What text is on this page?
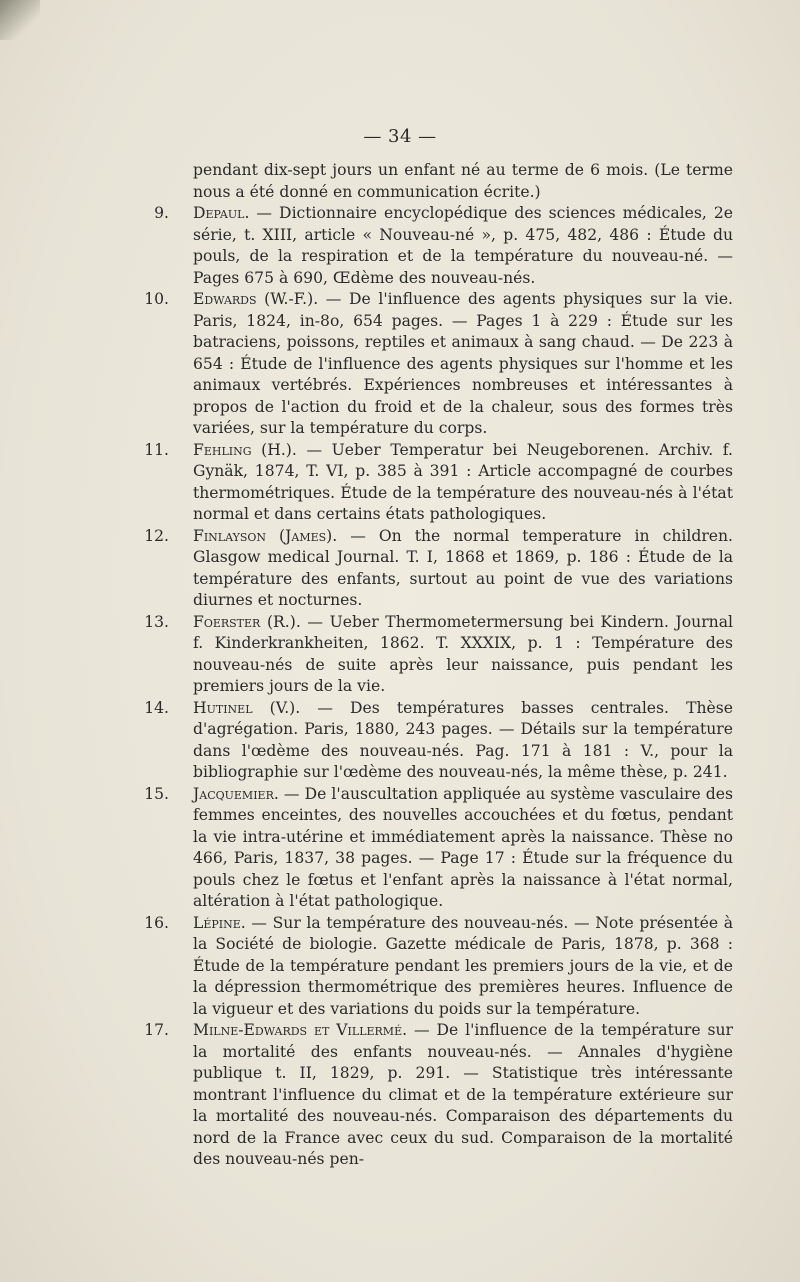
— 34 —

pendant dix-sept jours un enfant né au terme de 6 mois. (Le terme nous a été donné en communication écrite.)

9. Depaul. — Dictionnaire encyclopédique des sciences médicales, 2e série, t. XIII, article « Nouveau-né », p. 475, 482, 486 : Étude du pouls, de la respiration et de la température du nouveau-né. — Pages 675 à 690, Œdème des nouveau-nés.

10. Edwards (W.-F.). — De l'influence des agents physiques sur la vie. Paris, 1824, in-8o, 654 pages. — Pages 1 à 229 : Étude sur les batraciens, poissons, reptiles et animaux à sang chaud. — De 223 à 654 : Étude de l'influence des agents physiques sur l'homme et les animaux vertébrés. Expériences nombreuses et intéressantes à propos de l'action du froid et de la chaleur, sous des formes très variées, sur la température du corps.

11. Fehling (H.). — Ueber Temperatur bei Neugeborenen. Archiv. f. Gynäk, 1874, T. VI, p. 385 à 391 : Article accompagné de courbes thermométriques. Étude de la température des nouveau-nés à l'état normal et dans certains états pathologiques.

12. Finlayson (James). — On the normal temperature in children. Glasgow medical Journal. T. I, 1868 et 1869, p. 186 : Étude de la température des enfants, surtout au point de vue des variations diurnes et nocturnes.

13. Foerster (R.). — Ueber Thermometermersung bei Kindern. Journal f. Kinderkrankheiten, 1862. T. XXXIX, p. 1 : Température des nouveau-nés de suite après leur naissance, puis pendant les premiers jours de la vie.

14. Hutinel (V.). — Des températures basses centrales. Thèse d'agrégation. Paris, 1880, 243 pages. — Détails sur la température dans l'œdème des nouveau-nés. Pag. 171 à 181 : V., pour la bibliographie sur l'œdème des nouveau-nés, la même thèse, p. 241.

15. Jacquemier. — De l'auscultation appliquée au système vasculaire des femmes enceintes, des nouvelles accouchées et du fœtus, pendant la vie intra-utérine et immédiatement après la naissance. Thèse no 466, Paris, 1837, 38 pages. — Page 17 : Étude sur la fréquence du pouls chez le fœtus et l'enfant après la naissance à l'état normal, altération à l'état pathologique.

16. Lépine. — Sur la température des nouveau-nés. — Note présentée à la Société de biologie. Gazette médicale de Paris, 1878, p. 368 : Étude de la température pendant les premiers jours de la vie, et de la dépression thermométrique des premières heures. Influence de la vigueur et des variations du poids sur la température.

17. Milne-Edwards et Villermé. — De l'influence de la température sur la mortalité des enfants nouveau-nés. — Annales d'hygiène publique t. II, 1829, p. 291. — Statistique très intéressante montrant l'influence du climat et de la température extérieure sur la mortalité des nouveau-nés. Comparaison des départements du nord de la France avec ceux du sud. Comparaison de la mortalité des nouveau-nés pen-
